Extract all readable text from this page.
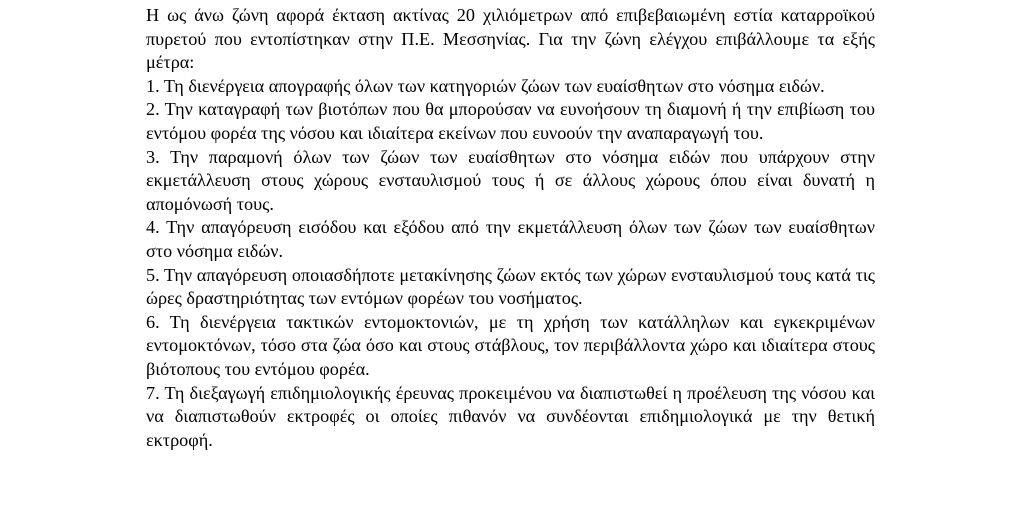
Η ως άνω ζώνη αφορά έκταση ακτίνας 20 χιλιόμετρων από επιβεβαιωμένη εστία καταρροϊκού πυρετού που εντοπίστηκαν στην Π.Ε. Μεσσηνίας. Για την ζώνη ελέγχου επιβάλλουμε τα εξής μέτρα:

1. Τη διενέργεια απογραφής όλων των κατηγοριών ζώων των ευαίσθητων στο νόσημα ειδών.

2. Την καταγραφή των βιοτόπων που θα μπορούσαν να ευνοήσουν τη διαμονή ή την επιβίωση του εντόμου φορέα της νόσου και ιδιαίτερα εκείνων που ευνοούν την αναπαραγωγή του.

3. Την παραμονή όλων των ζώων των ευαίσθητων στο νόσημα ειδών που υπάρχουν στην εκμετάλλευση στους χώρους ενσταυλισμού τους ή σε άλλους χώρους όπου είναι δυνατή η απομόνωσή τους.

4. Την απαγόρευση εισόδου και εξόδου από την εκμετάλλευση όλων των ζώων των ευαίσθητων στο νόσημα ειδών.

5. Την απαγόρευση οποιασδήποτε μετακίνησης ζώων εκτός των χώρων ενσταυλισμού τους κατά τις ώρες δραστηριότητας των εντόμων φορέων του νοσήματος.

6. Τη διενέργεια τακτικών εντομοκτονιών, με τη χρήση των κατάλληλων και εγκεκριμένων εντομοκτόνων, τόσο στα ζώα όσο και στους στάβλους, τον περιβάλλοντα χώρο και ιδιαίτερα στους βιότοπους του εντόμου φορέα.

7. Τη διεξαγωγή επιδημιολογικής έρευνας προκειμένου να διαπιστωθεί η προέλευση της νόσου και να διαπιστωθούν εκτροφές οι οποίες πιθανόν να συνδέονται επιδημιολογικά με την θετική εκτροφή.
